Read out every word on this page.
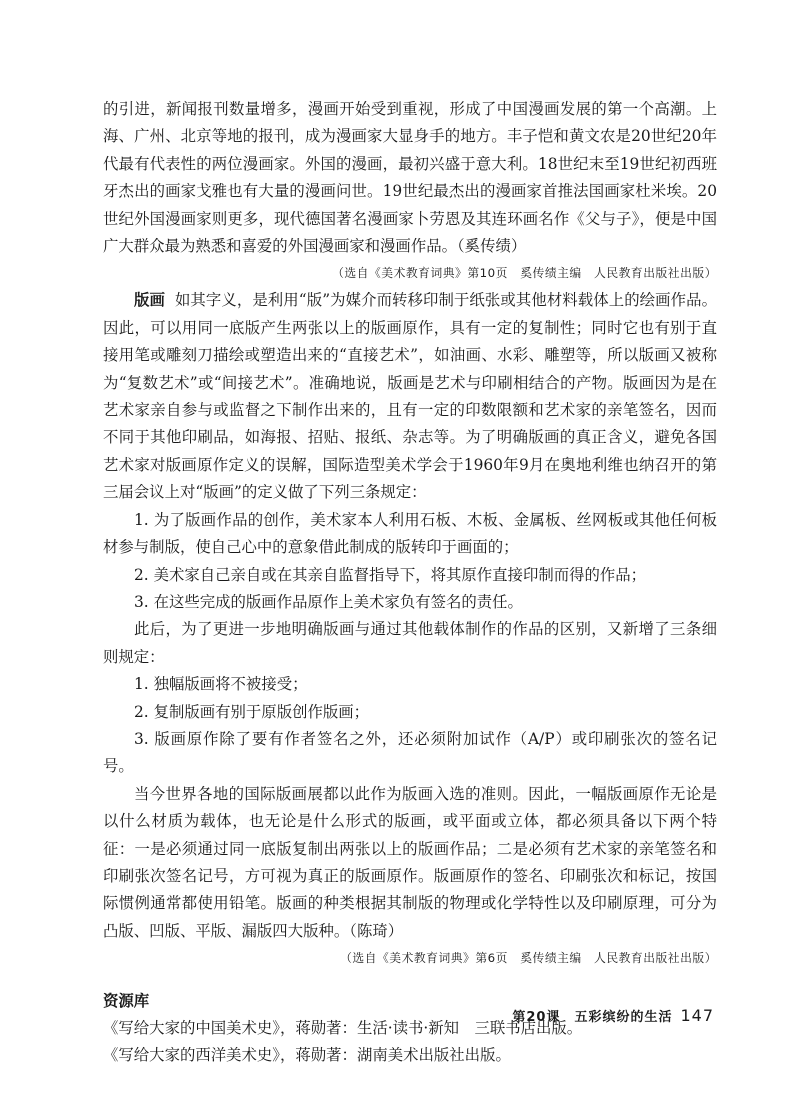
的引进，新闻报刊数量增多，漫画开始受到重视，形成了中国漫画发展的第一个高潮。上海、广州、北京等地的报刊，成为漫画家大显身手的地方。丰子恺和黄文农是20世纪20年代最有代表性的两位漫画家。外国的漫画，最初兴盛于意大利。18世纪末至19世纪初西班牙杰出的画家戈雅也有大量的漫画问世。19世纪最杰出的漫画家首推法国画家杜米埃。20世纪外国漫画家则更多，现代德国著名漫画家卜劳恩及其连环画名作《父与子》，便是中国广大群众最为熟悉和喜爱的外国漫画家和漫画作品。（奚传绩）

（选自《美术教育词典》第10页　奚传绩主编　人民教育出版社出版）

版画 如其字义，是利用“版”为媒介而转移印制于纸张或其他材料载体上的绘画作品。因此，可以用同一底版产生两张以上的版画原作，具有一定的复制性；同时它也有别于直接用笔或雕刻刀描绘或塑造出来的“直接艺术”，如油画、水彩、雕塑等，所以版画又被称为“复数艺术”或“间接艺术”。准确地说，版画是艺术与印刷相结合的产物。版画因为是在艺术家亲自参与或监督之下制作出来的，且有一定的印数限额和艺术家的亲笔签名，因而不同于其他印刷品，如海报、招贴、报纸、杂志等。为了明确版画的真正含义，避免各国艺术家对版画原作定义的误解，国际造型美术学会于1960年9月在奥地利维也纳召开的第三届会议上对“版画”的定义做了下列三条规定：

1. 为了版画作品的创作，美术家本人利用石板、木板、金属板、丝网板或其他任何板材参与制版，使自己心中的意象借此制成的版转印于画面的；

2. 美术家自己亲自或在其亲自监督指导下，将其原作直接印制而得的作品；

3. 在这些完成的版画作品原作上美术家负有签名的责任。

此后，为了更进一步地明确版画与通过其他载体制作的作品的区别，又新增了三条细则规定：

1. 独幅版画将不被接受；

2. 复制版画有别于原版创作版画；

3. 版画原作除了要有作者签名之外，还必须附加试作（A/P）或印刷张次的签名记号。

当今世界各地的国际版画展都以此作为版画入选的准则。因此，一幅版画原作无论是以什么材质为载体，也无论是什么形式的版画，或平面或立体，都必须具备以下两个特征：一是必须通过同一底版复制出两张以上的版画作品；二是必须有艺术家的亲笔签名和印刷张次签名记号，方可视为真正的版画原作。版画原作的签名、印刷张次和标记，按国际惯例通常都使用铅笔。版画的种类根据其制版的物理或化学特性以及印刷原理，可分为凸版、凹版、平版、漏版四大版种。（陈琦）

（选自《美术教育词典》第6页　奚传绩主编　人民教育出版社出版）

资源库
《写给大家的中国美术史》，蒋勋著：生活·读书·新知　三联书店出版。
《写给大家的西洋美术史》，蒋勋著：湖南美术出版社出版。
第20课　五彩缤纷的生活 147
